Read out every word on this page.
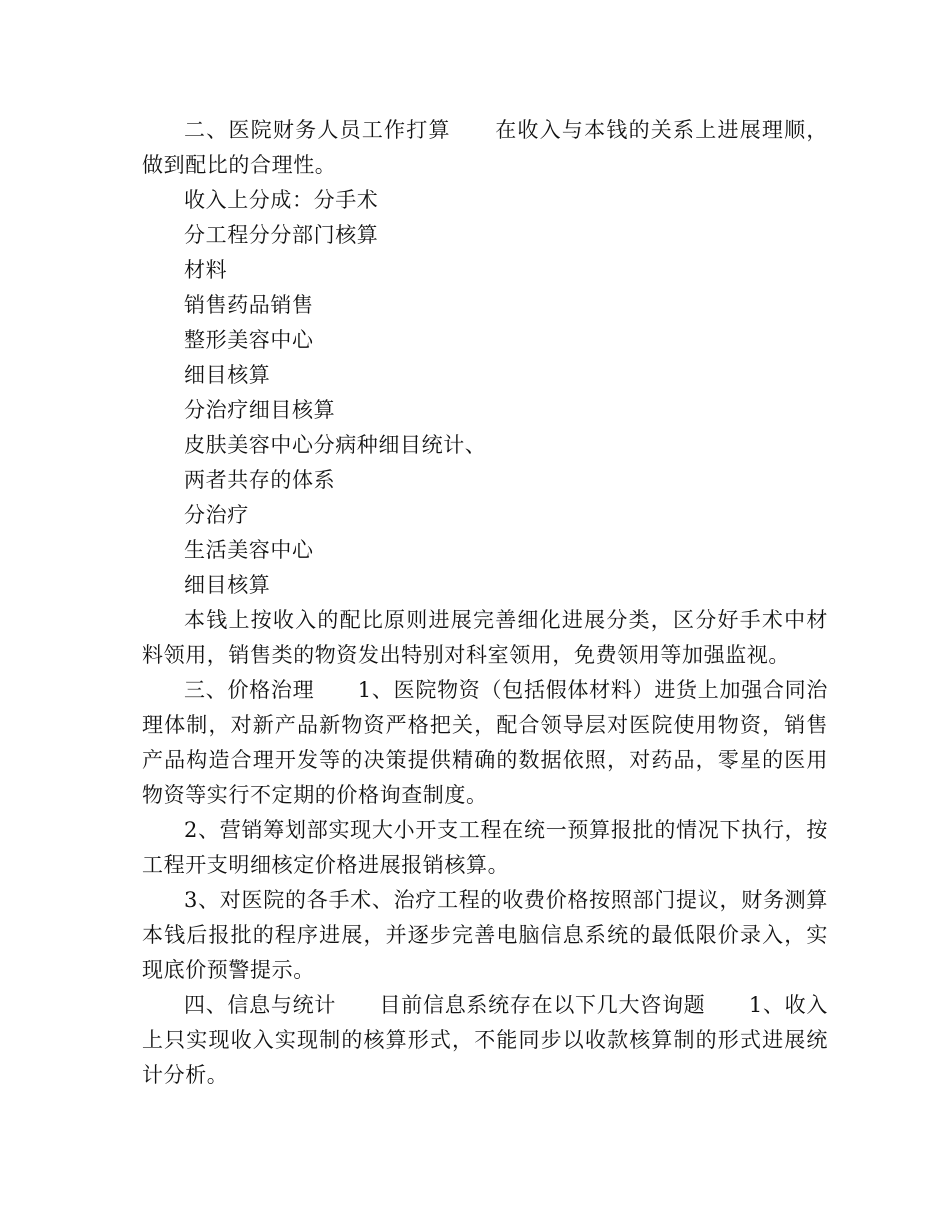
二、医院财务人员工作打算　　在收入与本钱的关系上进展理顺，做到配比的合理性。

收入上分成：分手术

分工程分分部门核算

材料

销售药品销售

整形美容中心

细目核算

分治疗细目核算

皮肤美容中心分病种细目统计、

两者共存的体系

分治疗

生活美容中心

细目核算

本钱上按收入的配比原则进展完善细化进展分类，区分好手术中材料领用，销售类的物资发出特别对科室领用，免费领用等加强监视。

三、价格治理　　1、医院物资（包括假体材料）进货上加强合同治理体制，对新产品新物资严格把关，配合领导层对医院使用物资，销售产品构造合理开发等的决策提供精确的数据依照，对药品，零星的医用物资等实行不定期的价格询查制度。

2、营销筹划部实现大小开支工程在统一预算报批的情况下执行，按工程开支明细核定价格进展报销核算。

3、对医院的各手术、治疗工程的收费价格按照部门提议，财务测算本钱后报批的程序进展，并逐步完善电脑信息系统的最低限价录入，实现底价预警提示。

四、信息与统计　　目前信息系统存在以下几大咨询题　　1、收入上只实现收入实现制的核算形式，不能同步以收款核算制的形式进展统计分析。
